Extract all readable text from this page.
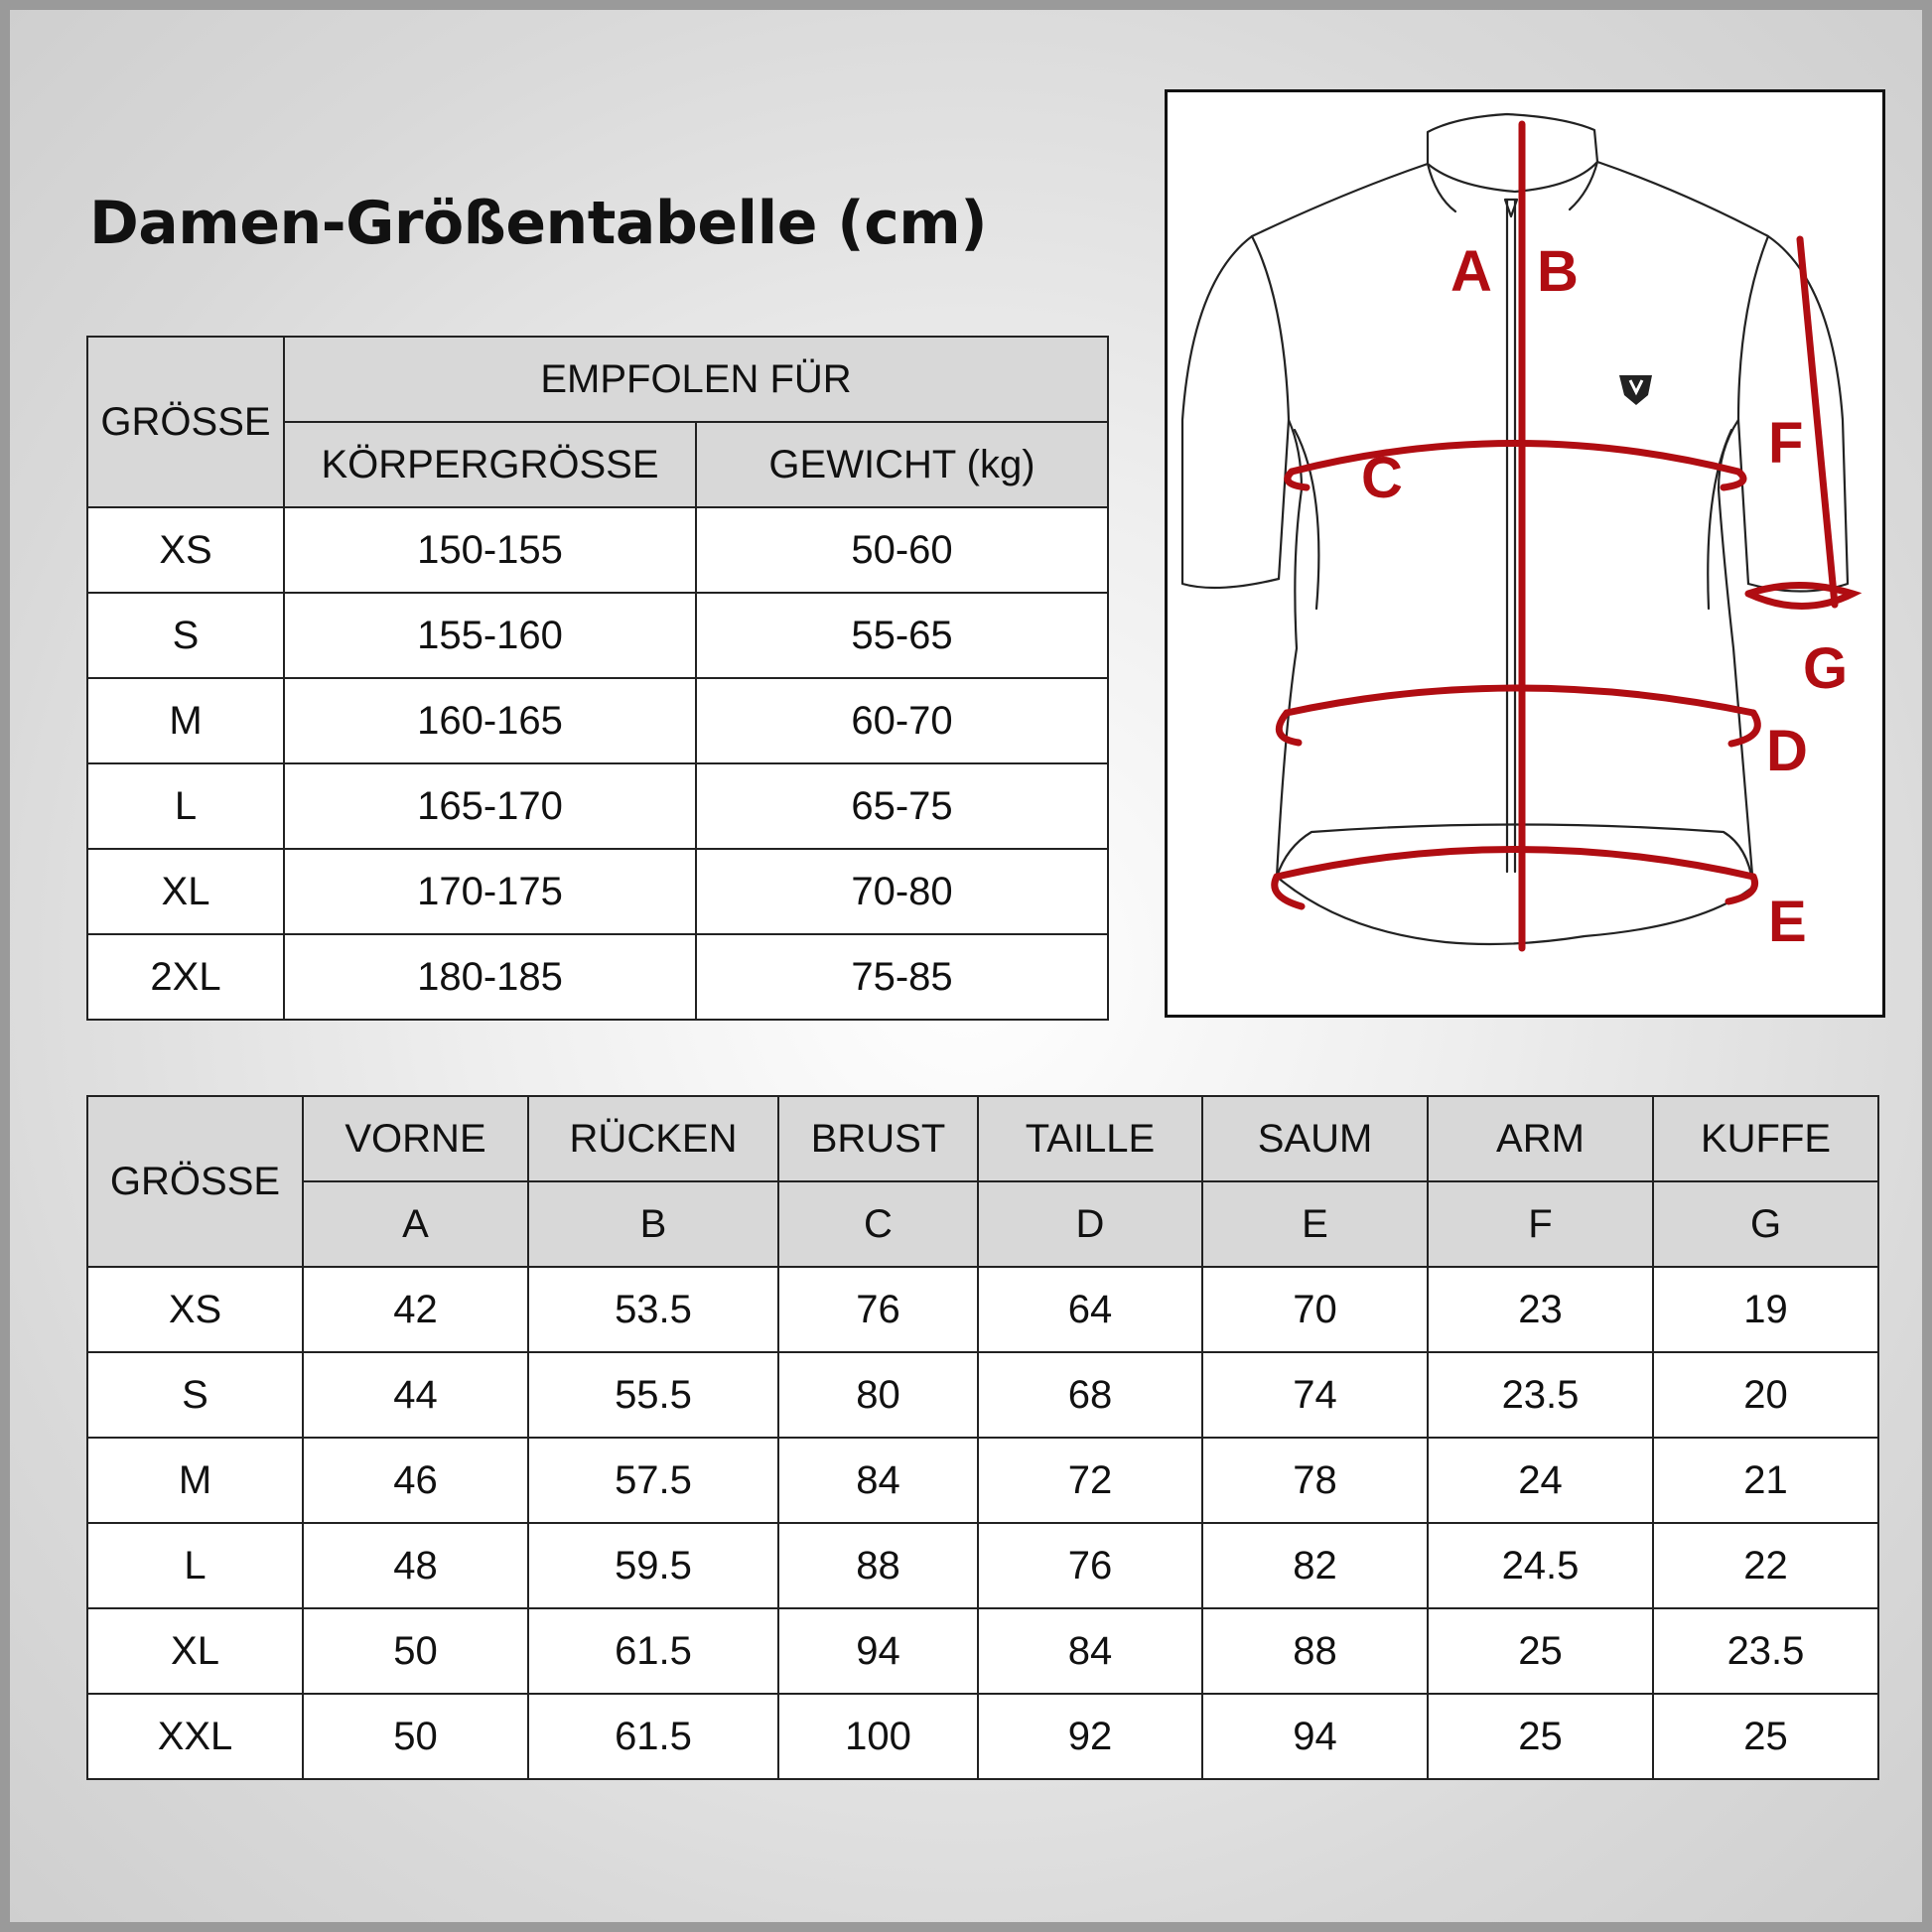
Damen-Größentabelle (cm)
GRÖSSE	EMPFOLEN FÜR	
	KÖRPERGRÖSSE	GEWICHT (kg)
XS	150-155	50-60
S	155-160	55-65
M	160-165	60-70
L	165-170	65-75
XL	170-175	70-80
2XL	180-185	75-85
A B
C
D
E
F
G
GRÖSSE	VORNE	RÜCKEN	BRUST	TAILLE	SAUM	ARM	KUFFE
	A	B	C	D	E	F	G
XS	42	53.5	76	64	70	23	19
S	44	55.5	80	68	74	23.5	20
M	46	57.5	84	72	78	24	21
L	48	59.5	88	76	82	24.5	22
XL	50	61.5	94	84	88	25	23.5
XXL	50	61.5	100	92	94	25	25
